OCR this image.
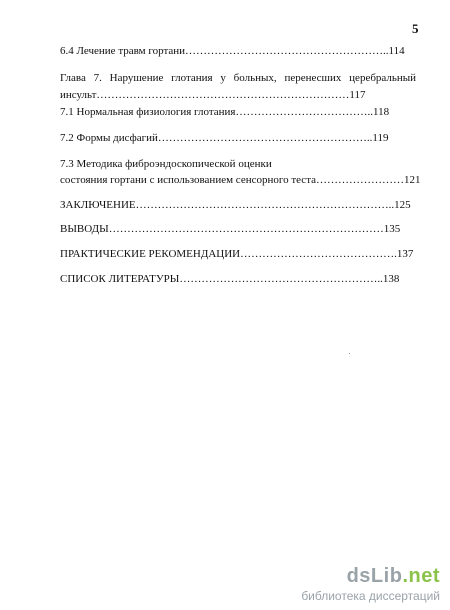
5
6.4 Лечение травм гортани………………………………………………..114
Глава 7. Нарушение глотания у больных, перенесших церебральный
инсульт……………………………………………………………117
7.1 Нормальная физиология глотания………………………………..118
7.2 Формы дисфагий…………………………………………………..119
7.3 Методика фиброэндоскопической оценки
состояния гортани с использованием сенсорного теста……………………121
ЗАКЛЮЧЕНИЕ……………………………………………………………..125
ВЫВОДЫ…………………………………………………………………135
ПРАКТИЧЕСКИЕ РЕКОМЕНДАЦИИ…………………………………….137
СПИСОК ЛИТЕРАТУРЫ………………………………………………..138
dsLib.net
библиотека диссертаций
